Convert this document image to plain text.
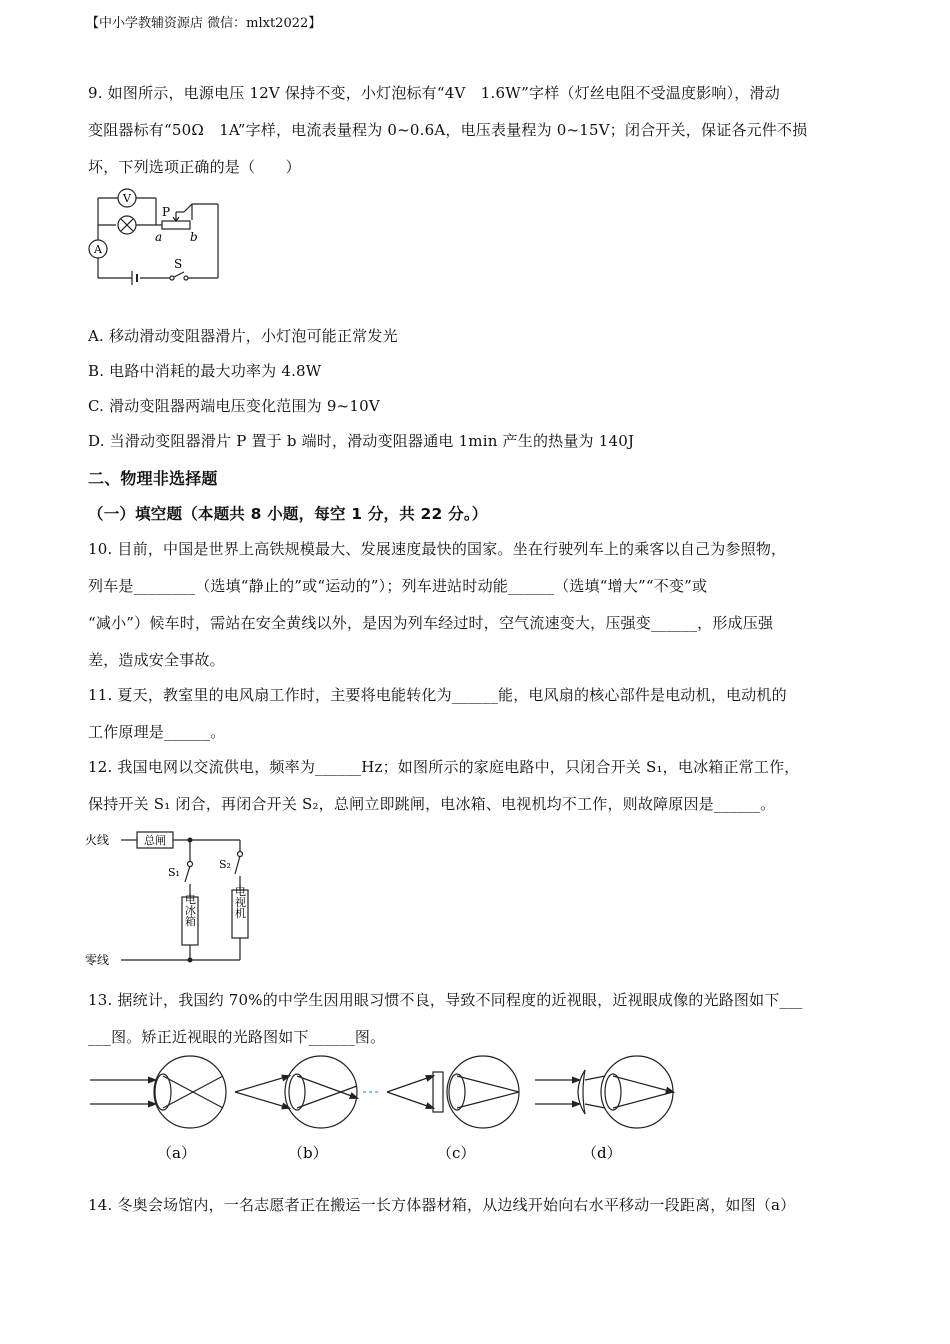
【中小学教辅资源店 微信：mlxt2022】
9. 如图所示，电源电压 12V 保持不变，小灯泡标有“4V　1.6W”字样（灯丝电阻不受温度影响），滑动
变阻器标有“50Ω　1A”字样，电流表量程为 0~0.6A，电压表量程为 0~15V；闭合开关，保证各元件不损
坏，下列选项正确的是（　　）
V
A
P
a b
S
A. 移动滑动变阻器滑片，小灯泡可能正常发光
B. 电路中消耗的最大功率为 4.8W
C. 滑动变阻器两端电压变化范围为 9~10V
D. 当滑动变阻器滑片 P 置于 b 端时，滑动变阻器通电 1min 产生的热量为 140J
二、物理非选择题
（一）填空题（本题共 8 小题，每空 1 分，共 22 分。）
10. 目前，中国是世界上高铁规模最大、发展速度最快的国家。坐在行驶列车上的乘客以自己为参照物，
列车是________（选填“静止的”或“运动的”）；列车进站时动能______（选填“增大”“不变”或
“减小”）候车时，需站在安全黄线以外，是因为列车经过时，空气流速变大，压强变______，形成压强
差，造成安全事故。
11. 夏天，教室里的电风扇工作时，主要将电能转化为______能，电风扇的核心部件是电动机，电动机的
工作原理是______。
12. 我国电网以交流供电，频率为______Hz；如图所示的家庭电路中，只闭合开关 S₁，电冰箱正常工作，
保持开关 S₁ 闭合，再闭合开关 S₂，总闸立即跳闸，电冰箱、电视机均不工作，则故障原因是______。
火线
零线
总闸
S₁
S₂
电冰箱	电视机
13. 据统计，我国约 70%的中学生因用眼习惯不良，导致不同程度的近视眼，近视眼成像的光路图如下___
___图。矫正近视眼的光路图如下______图。
（a）	（b）	（c）	（d）
14. 冬奥会场馆内，一名志愿者正在搬运一长方体器材箱，从边线开始向右水平移动一段距离，如图（a）
